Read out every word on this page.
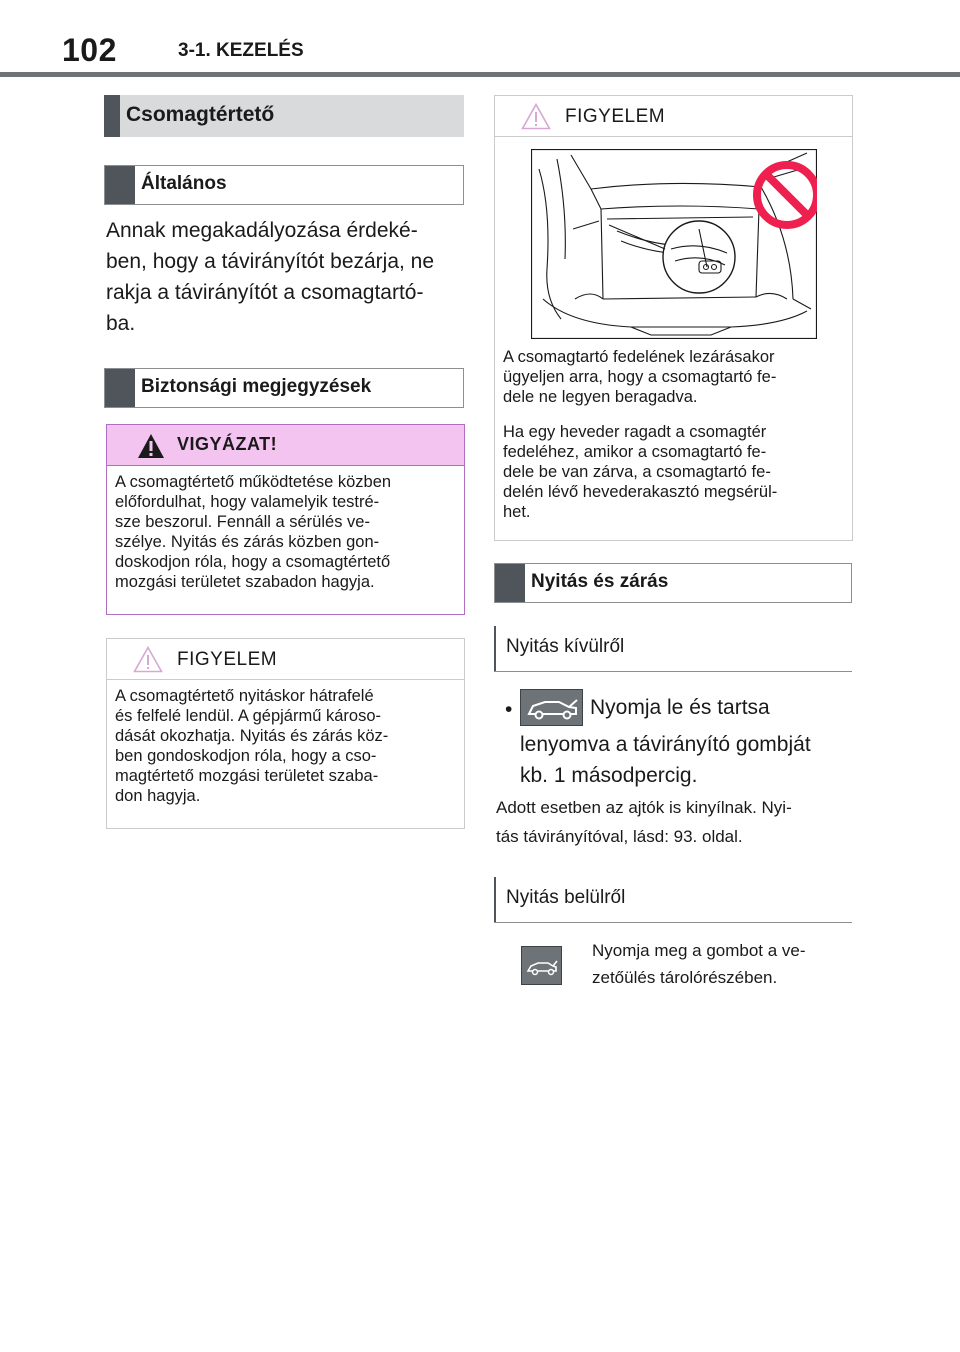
102	3-1. KEZELÉS
Csomagtértető
Általános
Annak megakadályozása érdeké-
ben, hogy a távirányítót bezárja, ne
rakja a távirányítót a csomagtartó-
ba.
Biztonsági megjegyzések
VIGYÁZAT!
A csomagtértető működtetése közben
előfordulhat, hogy valamelyik testré-
sze beszorul. Fennáll a sérülés ve-
szélye. Nyitás és zárás közben gon-
doskodjon róla, hogy a csomagtértető
mozgási területet szabadon hagyja.
FIGYELEM
A csomagtértető nyitáskor hátrafelé
és felfelé lendül. A gépjármű károso-
dását okozhatja. Nyitás és zárás köz-
ben gondoskodjon róla, hogy a cso-
magtértető mozgási területet szaba-
don hagyja.
FIGYELEM
A csomagtartó fedelének lezárásakor
ügyeljen arra, hogy a csomagtartó fe-
dele ne legyen beragadva.
Ha egy heveder ragadt a csomagtér
fedeléhez, amikor a csomagtartó fe-
dele be van zárva, a csomagtartó fe-
delén lévő hevederakasztó megsérül-
het.
Nyitás és zárás
Nyitás kívülről
•	Nyomja le és tartsa
lenyomva a távirányító gombját
kb. 1 másodpercig.
Adott esetben az ajtók is kinyílnak. Nyi-
tás távirányítóval, lásd: 93. oldal.
Nyitás belülről
Nyomja meg a gombot a ve-
zetőülés tárolórészében.
